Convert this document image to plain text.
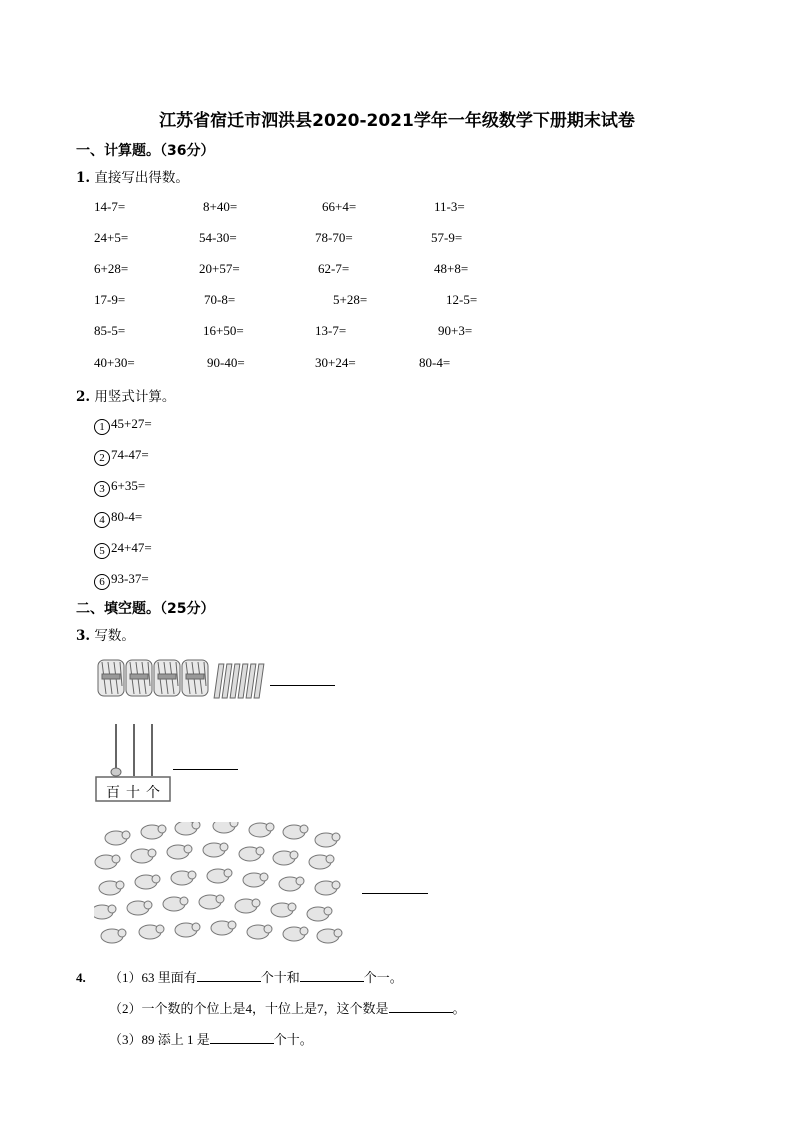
江苏省宿迁市泗洪县2020-2021学年一年级数学下册期末试卷
一、计算题。（36分）
1. 直接写出得数。
14-7=	8+40=	66+4=	11-3=
24+5=	54-30=	78-70=	57-9=
6+28=	20+57=	62-7=	48+8=
17-9=	70-8=	5+28=	12-5=
85-5=	16+50=	13-7=	90+3=
40+30=	90-40=	30+24=	80-4=
2. 用竖式计算。
1 45+27=
2 74-47=
3 6+35=
4 80-4=
5 24+47=
6 93-37=
二、填空题。（25分）
3. 写数。
百 十 个
4. （1）63 里面有	个十和	个一。
（2）一个数的个位上是4，十位上是7，这个数是	。
（3）89 添上 1 是	个十。
